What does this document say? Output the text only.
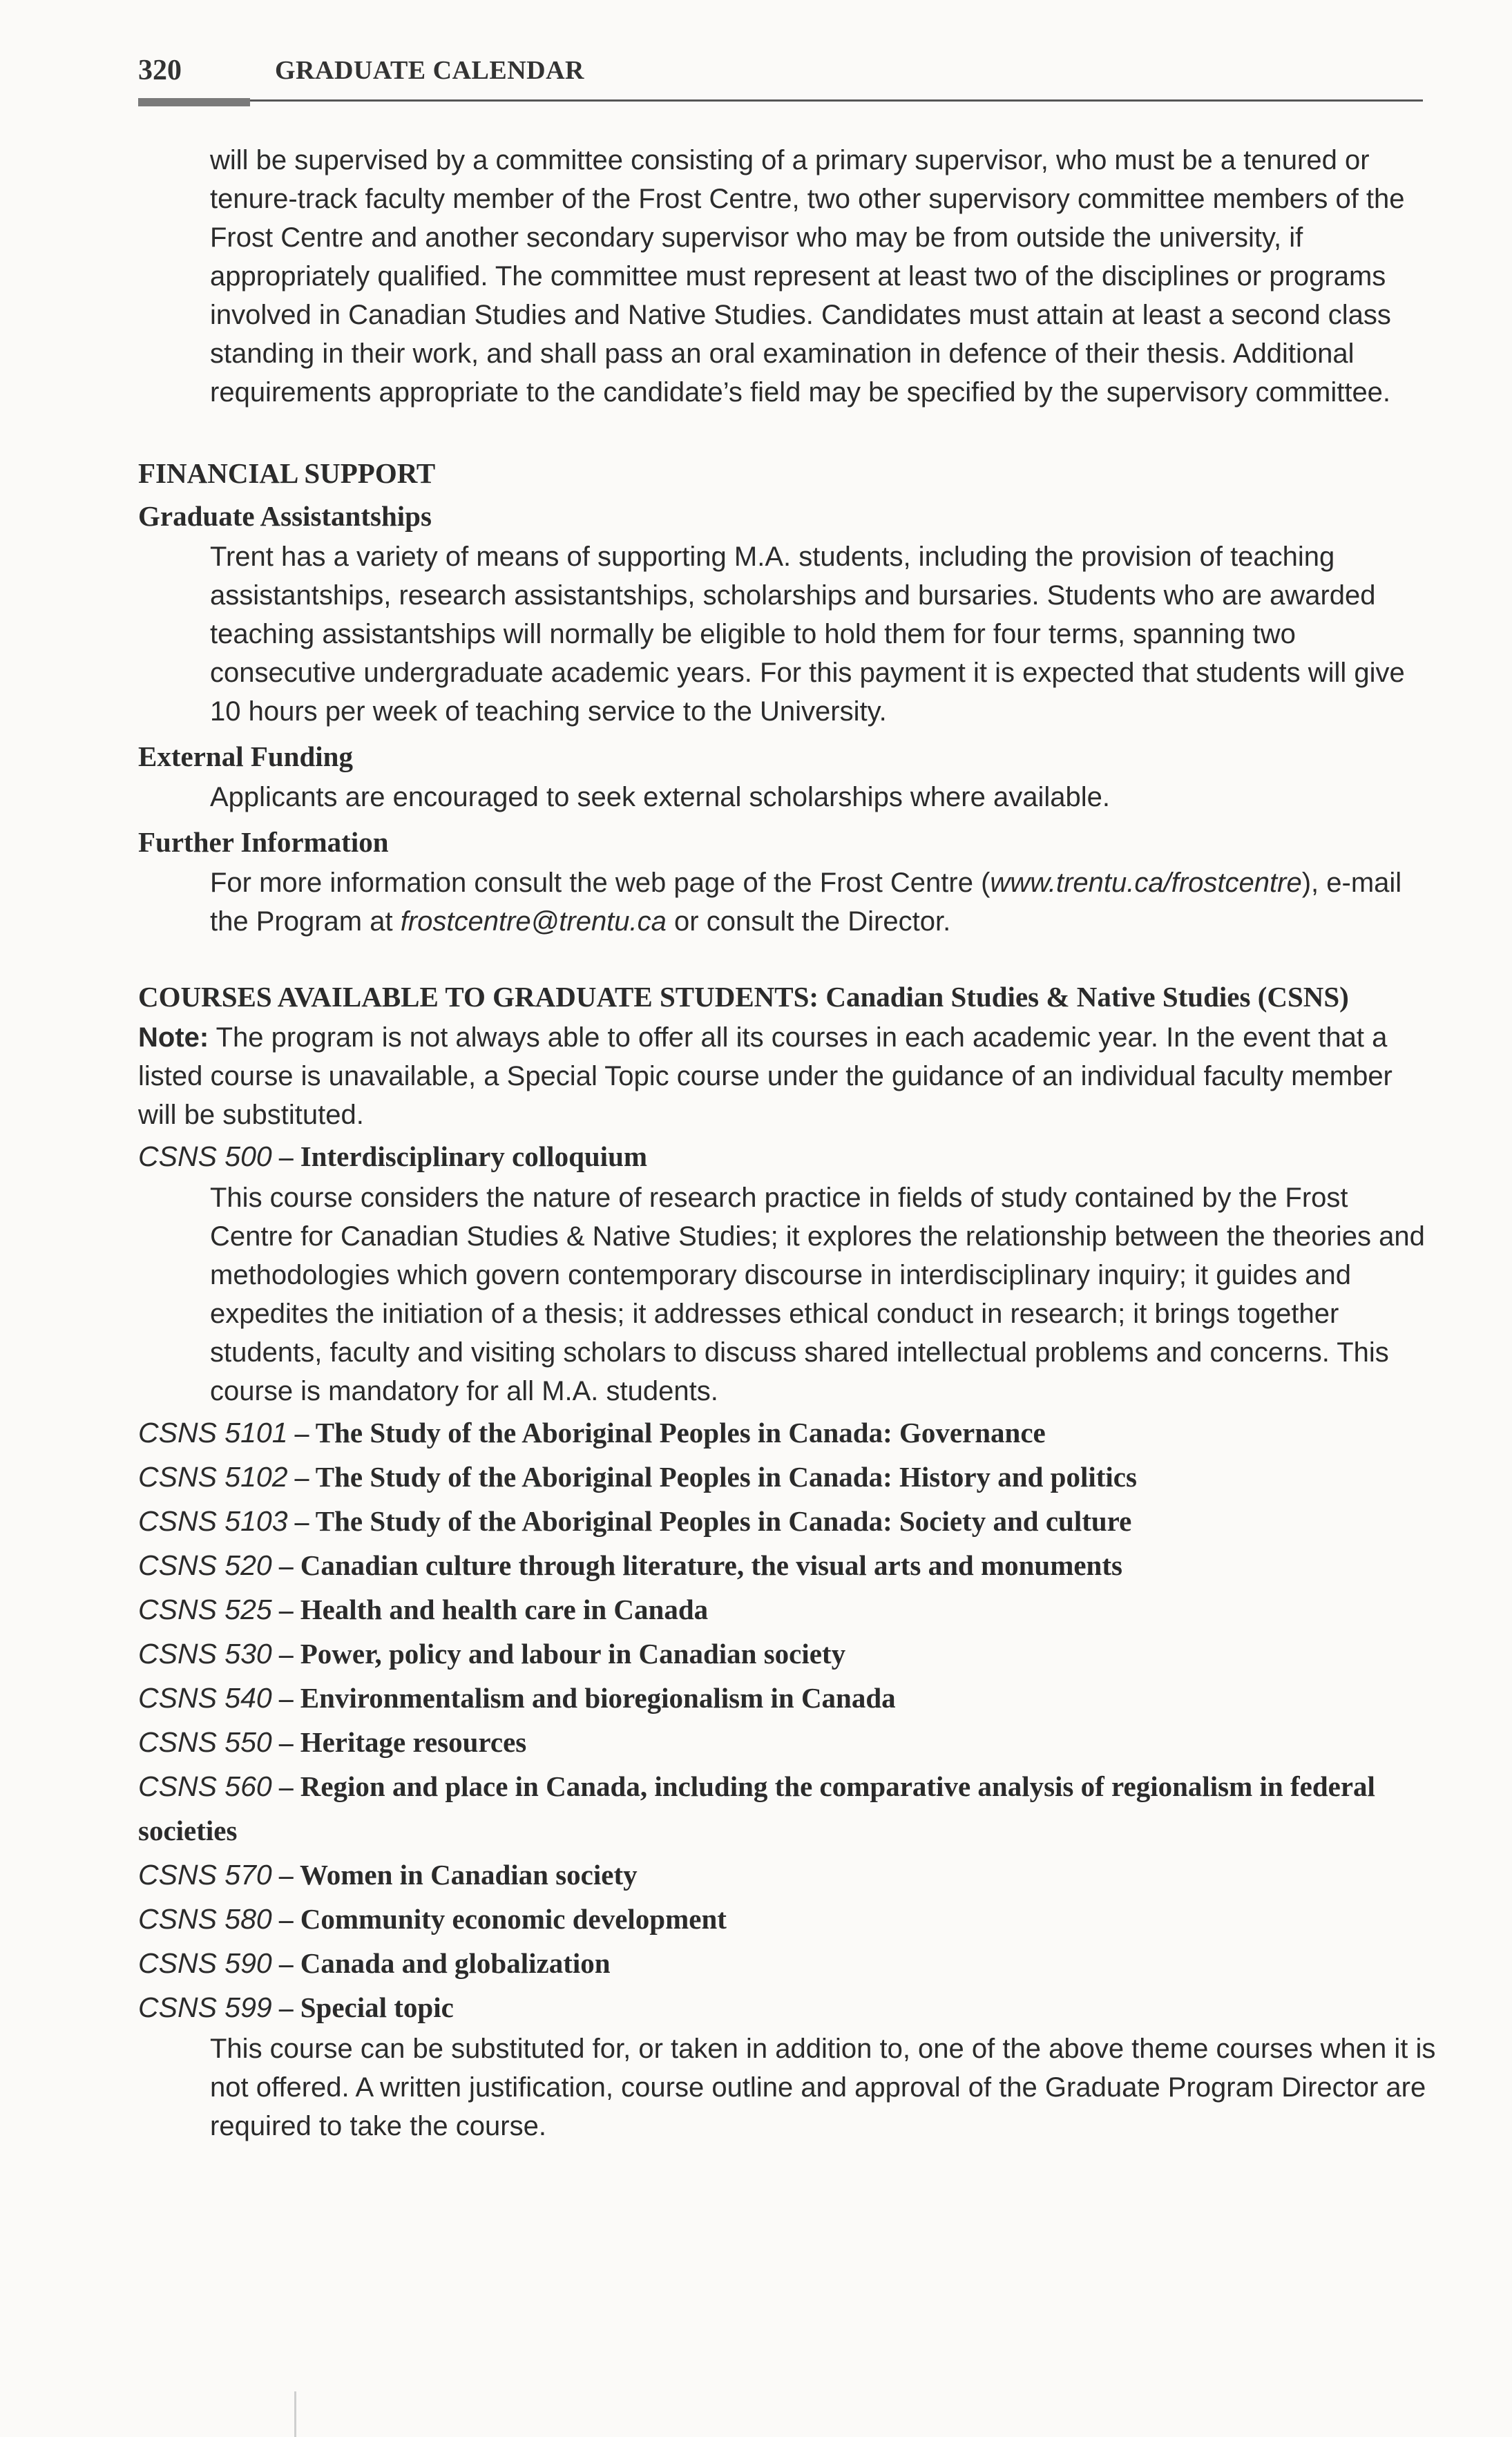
320	GRADUATE CALENDAR

will be supervised by a committee consisting of a primary supervisor, who must be a tenured or tenure-track faculty member of the Frost Centre, two other supervisory committee members of the Frost Centre and another secondary supervisor who may be from outside the university, if appropriately qualified. The committee must represent at least two of the disciplines or programs involved in Canadian Studies and Native Studies. Candidates must attain at least a second class standing in their work, and shall pass an oral examination in defence of their thesis. Additional requirements appropriate to the candidate’s field may be specified by the supervisory committee.

FINANCIAL SUPPORT
Graduate Assistantships

Trent has a variety of means of supporting M.A. students, including the provision of teaching assistantships, research assistantships, scholarships and bursaries. Students who are awarded teaching assistantships will normally be eligible to hold them for four terms, spanning two consecutive undergraduate academic years. For this payment it is expected that students will give 10 hours per week of teaching service to the University.

External Funding

Applicants are encouraged to seek external scholarships where available.

Further Information

For more information consult the web page of the Frost Centre (www.trentu.ca/frostcentre), e-mail the Program at frostcentre@trentu.ca or consult the Director.

COURSES AVAILABLE TO GRADUATE STUDENTS: Canadian Studies & Native Studies (CSNS)

Note: The program is not always able to offer all its courses in each academic year. In the event that a listed course is unavailable, a Special Topic course under the guidance of an individual faculty member will be substituted.

CSNS 500 – Interdisciplinary colloquium

This course considers the nature of research practice in fields of study contained by the Frost Centre for Canadian Studies & Native Studies; it explores the relationship between the theories and methodologies which govern contemporary discourse in interdisciplinary inquiry; it guides and expedites the initiation of a thesis; it addresses ethical conduct in research; it brings together students, faculty and visiting scholars to discuss shared intellectual problems and concerns. This course is mandatory for all M.A. students.

CSNS 5101 – The Study of the Aboriginal Peoples in Canada: Governance
CSNS 5102 – The Study of the Aboriginal Peoples in Canada: History and politics
CSNS 5103 – The Study of the Aboriginal Peoples in Canada: Society and culture
CSNS 520 – Canadian culture through literature, the visual arts and monuments
CSNS 525 – Health and health care in Canada
CSNS 530 – Power, policy and labour in Canadian society
CSNS 540 – Environmentalism and bioregionalism in Canada
CSNS 550 – Heritage resources
CSNS 560 – Region and place in Canada, including the comparative analysis of regionalism in federal societies
CSNS 570 – Women in Canadian society
CSNS 580 – Community economic development
CSNS 590 – Canada and globalization
CSNS 599 – Special topic

This course can be substituted for, or taken in addition to, one of the above theme courses when it is not offered. A written justification, course outline and approval of the Graduate Program Director are required to take the course.
